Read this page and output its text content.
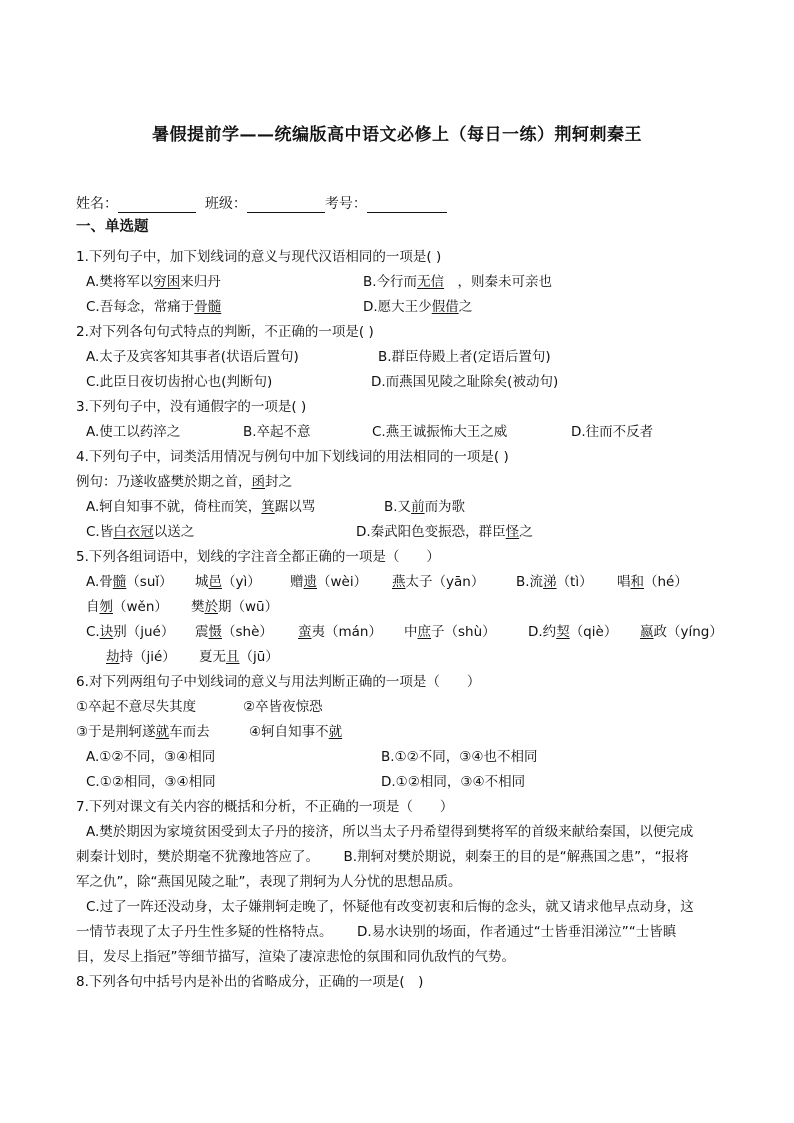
暑假提前学——统编版高中语文必修上（每日一练）荆轲刺秦王
姓名：	班级：	考号：
一、单选题
1.下列句子中，加下划线词的意义与现代汉语相同的一项是( )
A.樊将军以穷困来归丹	B.今行而无信　，则秦未可亲也
C.吾每念，常痛于骨髓	D.愿大王少假借之
2.对下列各句句式特点的判断，不正确的一项是( )
A.太子及宾客知其事者(状语后置句)	B.群臣侍殿上者(定语后置句)
C.此臣日夜切齿拊心也(判断句)	D.而燕国见陵之耻除矣(被动句)
3.下列句子中，没有通假字的一项是( )
A.使工以药淬之	B.卒起不意	C.燕王诚振怖大王之威	D.往而不反者
4.下列句子中，词类活用情况与例句中加下划线词的用法相同的一项是( )
例句：乃遂收盛樊於期之首，函封之
A.轲自知事不就，倚柱而笑，箕踞以骂	B.又前而为歌
C.皆白衣冠以送之	D.秦武阳色变振恐，群臣怪之
5.下列各组词语中，划线的字注音全都正确的一项是（　　）
A.骨髓（suǐ） 城邑（yì） 赠遗（wèi） 燕太子（yān） B.流涕（tì） 唱和（hé）
自刎（wěn） 樊於期（wū）
C.诀别（jué） 震慑（shè） 蛮夷（mán） 中庶子（shù） D.约契（qiè） 嬴政（yíng）
劫持（jié） 夏无且（jū）
6.对下列两组句子中划线词的意义与用法判断正确的一项是（　　）
①卒起不意尽失其度	②卒皆夜惊恐
③于是荆轲遂就车而去	④轲自知事不就
A.①②不同，③④相同	B.①②不同，③④也不相同
C.①②相同，③④相同	D.①②相同，③④不相同
7.下列对课文有关内容的概括和分析，不正确的一项是（　　）
A.樊於期因为家境贫困受到太子丹的接济，所以当太子丹希望得到樊将军的首级来献给秦国，以便完成
刺秦计划时，樊於期毫不犹豫地答应了。　　 B.荆轲对樊於期说，刺秦王的目的是“解燕国之患”，“报将
军之仇”，除“燕国见陵之耻”，表现了荆轲为人分忧的思想品质。
C.过了一阵还没动身，太子嫌荆轲走晚了，怀疑他有改变初衷和后悔的念头，就又请求他早点动身，这
一情节表现了太子丹生性多疑的性格特点。　　 D.易水诀别的场面，作者通过“士皆垂泪涕泣”“士皆瞋
目，发尽上指冠”等细节描写，渲染了凄凉悲怆的氛围和同仇敌忾的气势。
8.下列各句中括号内是补出的省略成分，正确的一项是(　)
